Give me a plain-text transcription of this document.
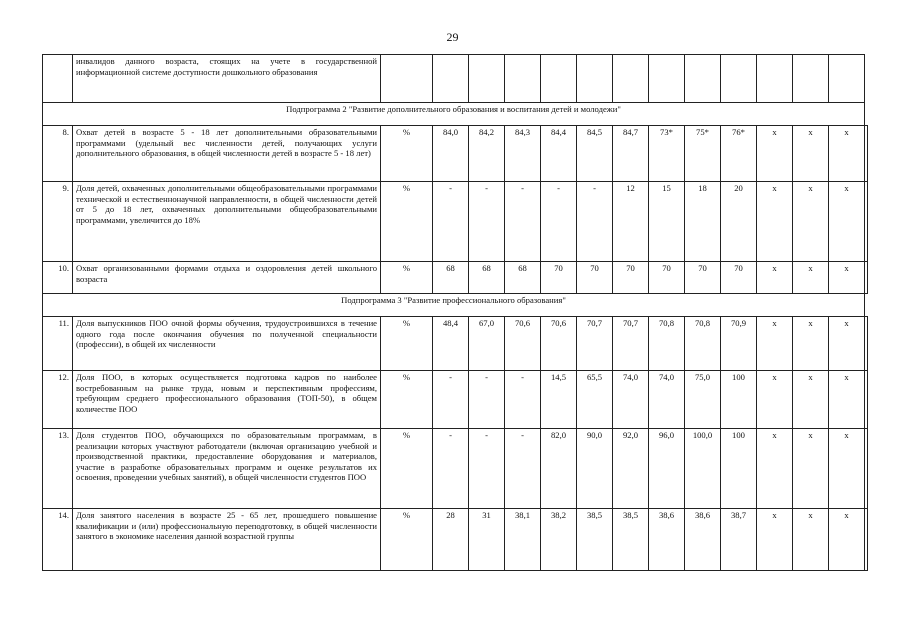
29
	инвалидов данного возраста, стоящих на учете в государственной информационной системе доступности дошкольного образования														
Подпрограмма 2 "Развитие дополнительного образования и воспитания детей и молодежи"															
8.	Охват детей в возрасте 5 - 18 лет дополнительными образовательными программами (удельный вес численности детей, получающих услуги дополнительного образования, в общей численности детей в возрасте 5 - 18 лет)	%	84,0	84,2	84,3	84,4	84,5	84,7	73*	75*	76*	x	x	x	
9.	Доля детей, охваченных дополнительными общеобразовательными программами технической и естественнонаучной направленности, в общей численности детей от 5 до 18 лет, охваченных дополнительными общеобразовательными программами, увеличится до 18%	%	-	-	-	-	-	12	15	18	20	x	x	x	
10.	Охват организованными формами отдыха и оздоровления детей школьного возраста	%	68	68	68	70	70	70	70	70	70	x	x	x	
Подпрограмма 3 "Развитие профессионального образования"															
11.	Доля выпускников ПОО очной формы обучения, трудоустроившихся в течение одного года после окончания обучения по полученной специальности (профессии), в общей их численности	%	48,4	67,0	70,6	70,6	70,7	70,7	70,8	70,8	70,9	x	x	x	
12.	Доля ПОО, в которых осуществляется подготовка кадров по наиболее востребованным на рынке труда, новым и перспективным профессиям, требующим среднего профессионального образования (ТОП-50), в общем количестве ПОО	%	-	-	-	14,5	65,5	74,0	74,0	75,0	100	x	x	x	
13.	Доля студентов ПОО, обучающихся по образовательным программам, в реализации которых участвуют работодатели (включая организацию учебной и производственной практики, предоставление оборудования и материалов, участие в разработке образовательных программ и оценке результатов их освоения, проведении учебных занятий), в общей численности студентов ПОО	%	-	-	-	82,0	90,0	92,0	96,0	100,0	100	x	x	x	
14.	Доля занятого населения в возрасте 25 - 65 лет, прошедшего повышение квалификации и (или) профессиональную переподготовку, в общей численности занятого в экономике населения данной возрастной группы	%	28	31	38,1	38,2	38,5	38,5	38,6	38,6	38,7	x	x	x	
